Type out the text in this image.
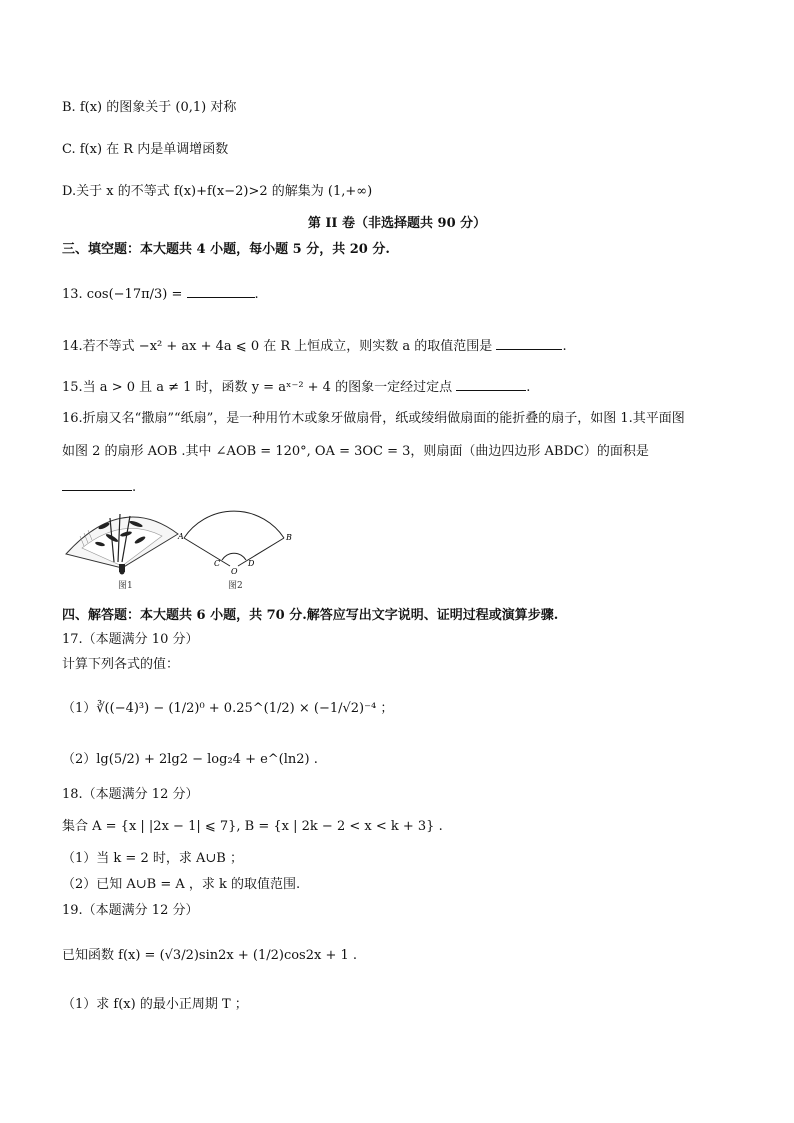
B. f(x) 的图象关于 (0,1) 对称
C. f(x) 在 R 内是单调增函数
D.关于 x 的不等式 f(x)+f(x−2)>2 的解集为 (1,+∞)
第 II 卷（非选择题共 90 分）
三、填空题：本大题共 4 小题，每小题 5 分，共 20 分.
13. cos(−17π/3) =	.
14.若不等式 −x² + ax + 4a ⩽ 0 在 R 上恒成立，则实数 a 的取值范围是	.
15.当 a > 0 且 a ≠ 1 时，函数 y = aˣ⁻² + 4 的图象一定经过定点	.
16.折扇又名“撒扇”“纸扇”，是一种用竹木或象牙做扇骨，纸或绫绢做扇面的能折叠的扇子，如图 1.其平面图
如图 2 的扇形 AOB .其中 ∠AOB = 120°, OA = 3OC = 3，则扇面（曲边四边形 ABDC）的面积是
.
A
图1
B
C	D
O
图2
四、解答题：本大题共 6 小题，共 70 分.解答应写出文字说明、证明过程或演算步骤.
17.（本题满分 10 分）
计算下列各式的值：
（1）∛((−4)³) − (1/2)⁰ + 0.25^(1/2) × (−1/√2)⁻⁴ ；
（2）lg(5/2) + 2lg2 − log₂4 + e^(ln2) .
18.（本题满分 12 分）
集合 A = {x | |2x − 1| ⩽ 7}, B = {x | 2k − 2 < x < k + 3} .
（1）当 k = 2 时，求 A∪B ；
（2）已知 A∪B = A ，求 k 的取值范围.
19.（本题满分 12 分）
已知函数 f(x) = (√3/2)sin2x + (1/2)cos2x + 1 .
（1）求 f(x) 的最小正周期 T ；
